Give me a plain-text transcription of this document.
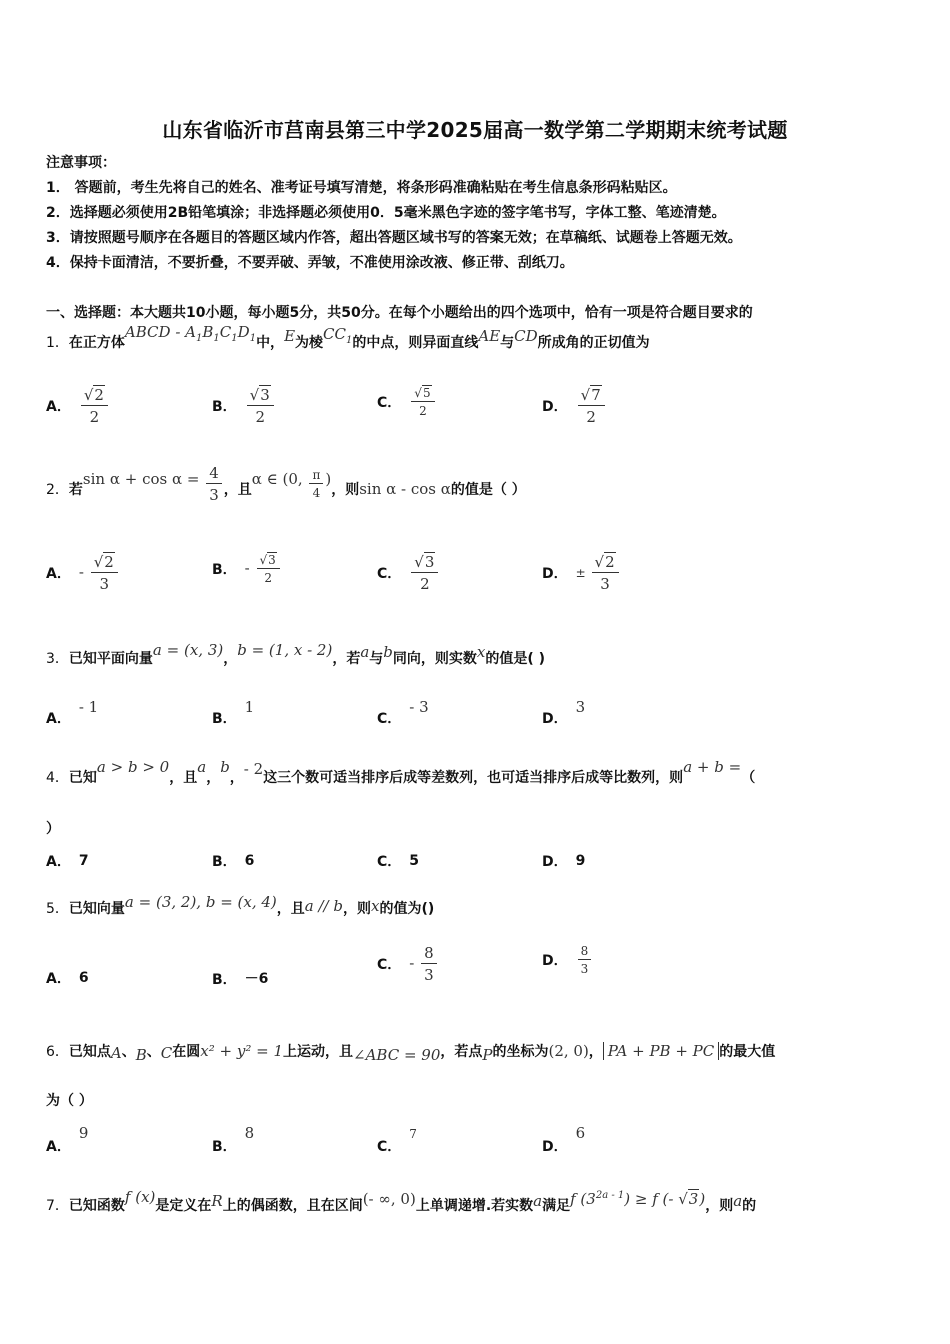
山东省临沂市莒南县第三中学2025届高一数学第二学期期末统考试题
注意事项：
1． 答题前，考生先将自己的姓名、准考证号填写清楚，将条形码准确粘贴在考生信息条形码粘贴区。
2．选择题必须使用2B铅笔填涂；非选择题必须使用0．5毫米黑色字迹的签字笔书写，字体工整、笔迹清楚。
3．请按照题号顺序在各题目的答题区域内作答，超出答题区域书写的答案无效；在草稿纸、试题卷上答题无效。
4．保持卡面清洁，不要折叠，不要弄破、弄皱，不准使用涂改液、修正带、刮纸刀。
一、选择题：本大题共10小题，每小题5分，共50分。在每个小题给出的四个选项中，恰有一项是符合题目要求的
1．在正方体ABCD - $A_1B_1C_1D_1$中，E为棱$CC_1$的中点，则异面直线AE与CD所成角的正切值为
A． $\frac{√2}{2}$	B． $\frac{√3}{2}$	C． $\frac{√5}{2}$	D． $\frac{√7}{2}$
2．若$\sin \alpha + \cos \alpha = \frac{4}{3}$ ，且α ∈ (0, $\frac{\pi}{4}$ )，则sin α - cos α的值是（ ）
A． - $\frac{√2}{3}$	B． - $\frac{√3}{2}$	C． $\frac{√3}{2}$	D． ± $\frac{√2}{3}$
3．已知平面向量a = (x, 3)，b = (1, x - 2)，若a与b同向，则实数x的值是( )
A．- 1
B．1
C．- 3
D．3
4．已知a > b > 0，且a，b，- 2这三个数可适当排序后成等差数列，也可适当排序后成等比数列，则a + b =（
）
A． 7	B． 6	C． 5	D． 9
5．已知向量a = (3, 2), b = (x, 4)，且a // b，则x的值为()
A． 6	B． －6
C． - $\frac{8}{3}$	D． $\frac{8}{3}$
6．已知点A、B、C在圆x² + y² = 1上运动，且∠ABC = 90，若点P的坐标为(2, 0)， PA + PB + PC 的最大值
为（ ）
A．9
B．8
C．7
D．6
7．已知函数f (x)是定义在R上的偶函数，且在区间(- ∞, 0)上单调递增.若实数a满足f $(3^{2a - 1}) \ge f$ (- √3)，则a的
